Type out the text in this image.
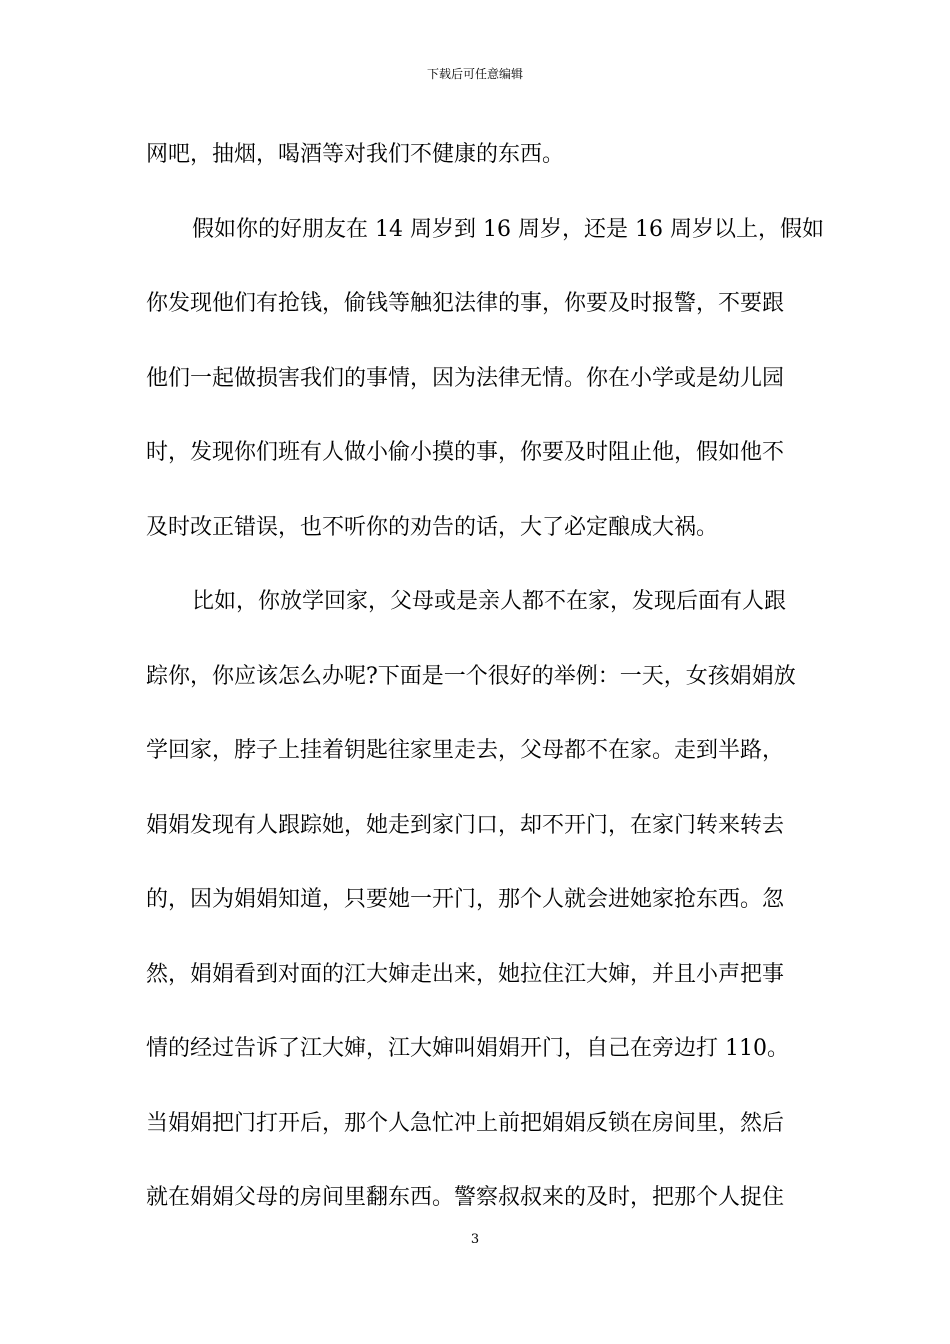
下载后可任意编辑
网吧，抽烟，喝酒等对我们不健康的东西。
假如你的好朋友在 14 周岁到 16 周岁，还是 16 周岁以上，假如
你发现他们有抢钱，偷钱等触犯法律的事，你要及时报警，不要跟
他们一起做损害我们的事情，因为法律无情。你在小学或是幼儿园
时，发现你们班有人做小偷小摸的事，你要及时阻止他，假如他不
及时改正错误，也不听你的劝告的话，大了必定酿成大祸。
比如，你放学回家，父母或是亲人都不在家，发现后面有人跟
踪你，你应该怎么办呢?下面是一个很好的举例：一天，女孩娟娟放
学回家，脖子上挂着钥匙往家里走去，父母都不在家。走到半路，
娟娟发现有人跟踪她，她走到家门口，却不开门，在家门转来转去
的，因为娟娟知道，只要她一开门，那个人就会进她家抢东西。忽
然，娟娟看到对面的江大婶走出来，她拉住江大婶，并且小声把事
情的经过告诉了江大婶，江大婶叫娟娟开门，自己在旁边打 110。
当娟娟把门打开后，那个人急忙冲上前把娟娟反锁在房间里，然后
就在娟娟父母的房间里翻东西。警察叔叔来的及时，把那个人捉住
3
